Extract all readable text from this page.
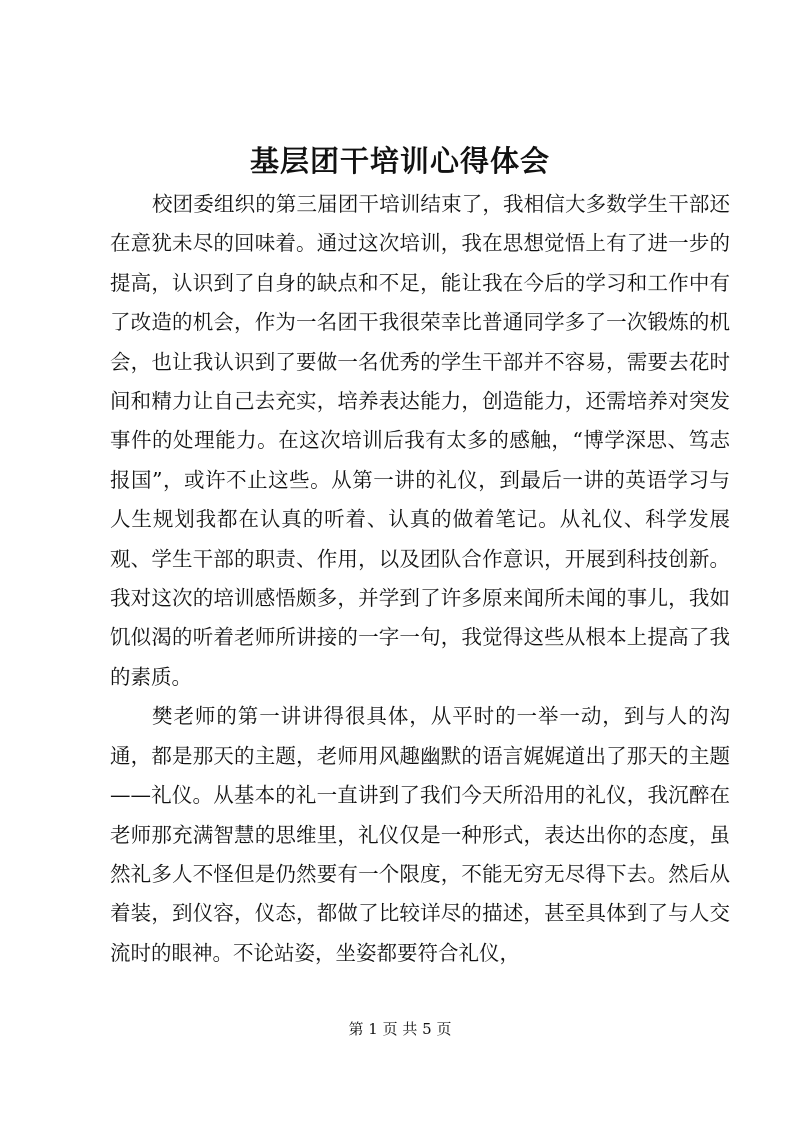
基层团干培训心得体会

校团委组织的第三届团干培训结束了，我相信大多数学生干部还在意犹未尽的回味着。通过这次培训，我在思想觉悟上有了进一步的提高，认识到了自身的缺点和不足，能让我在今后的学习和工作中有了改造的机会，作为一名团干我很荣幸比普通同学多了一次锻炼的机会，也让我认识到了要做一名优秀的学生干部并不容易，需要去花时间和精力让自己去充实，培养表达能力，创造能力，还需培养对突发事件的处理能力。在这次培训后我有太多的感触，“博学深思、笃志报国”，或许不止这些。从第一讲的礼仪，到最后一讲的英语学习与人生规划我都在认真的听着、认真的做着笔记。从礼仪、科学发展观、学生干部的职责、作用，以及团队合作意识，开展到科技创新。我对这次的培训感悟颇多，并学到了许多原来闻所未闻的事儿，我如饥似渴的听着老师所讲接的一字一句，我觉得这些从根本上提高了我的素质。

樊老师的第一讲讲得很具体，从平时的一举一动，到与人的沟通，都是那天的主题，老师用风趣幽默的语言娓娓道出了那天的主题——礼仪。从基本的礼一直讲到了我们今天所沿用的礼仪，我沉醉在老师那充满智慧的思维里，礼仪仅是一种形式，表达出你的态度，虽然礼多人不怪但是仍然要有一个限度，不能无穷无尽得下去。然后从着装，到仪容，仪态，都做了比较详尽的描述，甚至具体到了与人交流时的眼神。不论站姿，坐姿都要符合礼仪，

第 1 页 共 5 页
